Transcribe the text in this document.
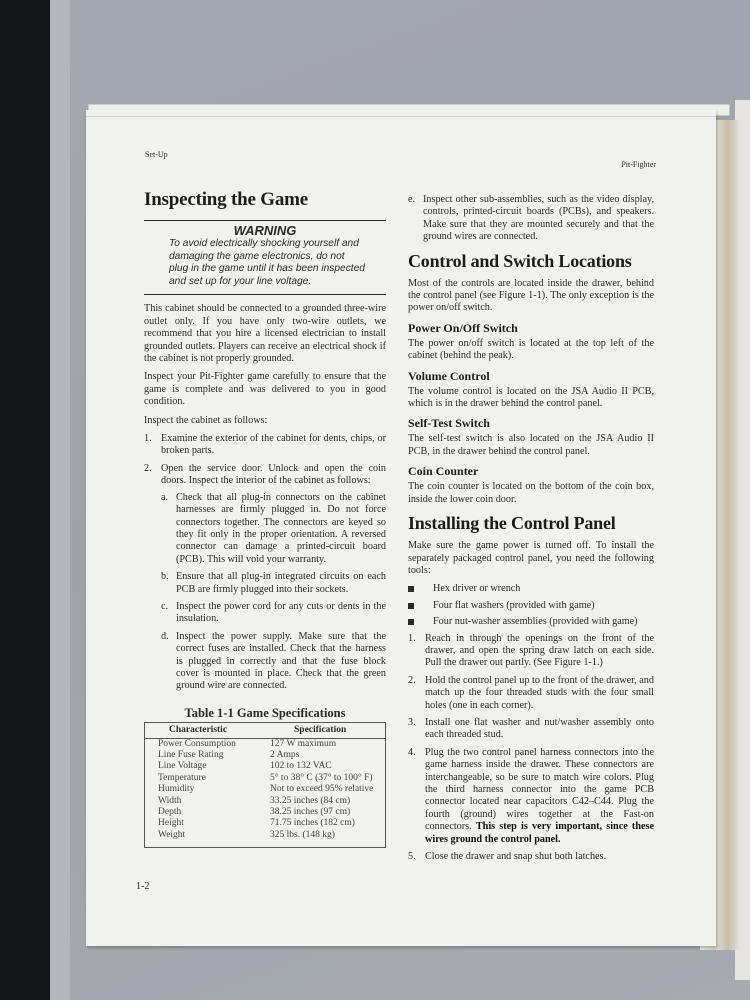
Set-Up
Pit-Fighter
Inspecting the Game
WARNING
To avoid electrically shocking yourself and damaging the game electronics, do not plug in the game until it has been inspected and set up for your line voltage.

This cabinet should be connected to a grounded three-wire outlet only. If you have only two-wire outlets, we recommend that you hire a licensed electrician to install grounded outlets. Players can receive an electrical shock if the cabinet is not properly grounded.

Inspect your Pit-Fighter game carefully to ensure that the game is complete and was delivered to you in good condition.

Inspect the cabinet as follows:

1. Examine the exterior of the cabinet for dents, chips, or broken parts.
2. Open the service door. Unlock and open the coin doors. Inspect the interior of the cabinet as follows:
a. Check that all plug-in connectors on the cabinet harnesses are firmly plugged in. Do not force connectors together. The connectors are keyed so they fit only in the proper orientation. A reversed connector can damage a printed-circuit board (PCB). This will void your warranty.
b. Ensure that all plug-in integrated circuits on each PCB are firmly plugged into their sockets.
c. Inspect the power cord for any cuts or dents in the insulation.
d. Inspect the power supply. Make sure that the correct fuses are installed. Check that the harness is plugged in correctly and that the fuse block cover is mounted in place. Check that the green ground wire are connected.
Table 1-1 Game Specifications
Characteristic	Specification
Power Consumption	127 W maximum
Line Fuse Rating	2 Amps
Line Voltage	102 to 132 VAC
Temperature	5° to 38° C (37° to 100° F)
Humidity	Not to exceed 95% relative
Width	33.25 inches (84 cm)
Depth	38.25 inches (97 cm)
Height	71.75 inches (182 cm)
Weight	325 lbs. (148 kg)
e. Inspect other sub-assemblies, such as the video display, controls, printed-circuit boards (PCBs), and speakers. Make sure that they are mounted securely and that the ground wires are connected.
Control and Switch Locations

Most of the controls are located inside the drawer, behind the control panel (see Figure 1-1). The only exception is the power on/off switch.

Power On/Off Switch

The power on/off switch is located at the top left of the cabinet (behind the peak).

Volume Control

The volume control is located on the JSA Audio II PCB, which is in the drawer behind the control panel.

Self-Test Switch

The self-test switch is also located on the JSA Audio II PCB, in the drawer behind the control panel.

Coin Counter

The coin counter is located on the bottom of the coin box, inside the lower coin door.

Installing the Control Panel

Make sure the game power is turned off. To install the separately packaged control panel, you need the following tools:

Hex driver or wrench
Four flat washers (provided with game)
Four nut-washer assemblies (provided with game)
1. Reach in through the openings on the front of the drawer, and open the spring draw latch on each side. Pull the drawer out partly. (See Figure 1-1.)
2. Hold the control panel up to the front of the drawer, and match up the four threaded studs with the four small holes (one in each corner).
3. Install one flat washer and nut/washer assembly onto each threaded stud.
4. Plug the two control panel harness connectors into the game harness inside the drawer. These connectors are interchangeable, so be sure to match wire colors. Plug the third harness connector into the game PCB connector located near capacitors C42–C44. Plug the fourth (ground) wires together at the Fast-on connectors. This step is very important, since these wires ground the control panel.
5. Close the drawer and snap shut both latches.
1-2
